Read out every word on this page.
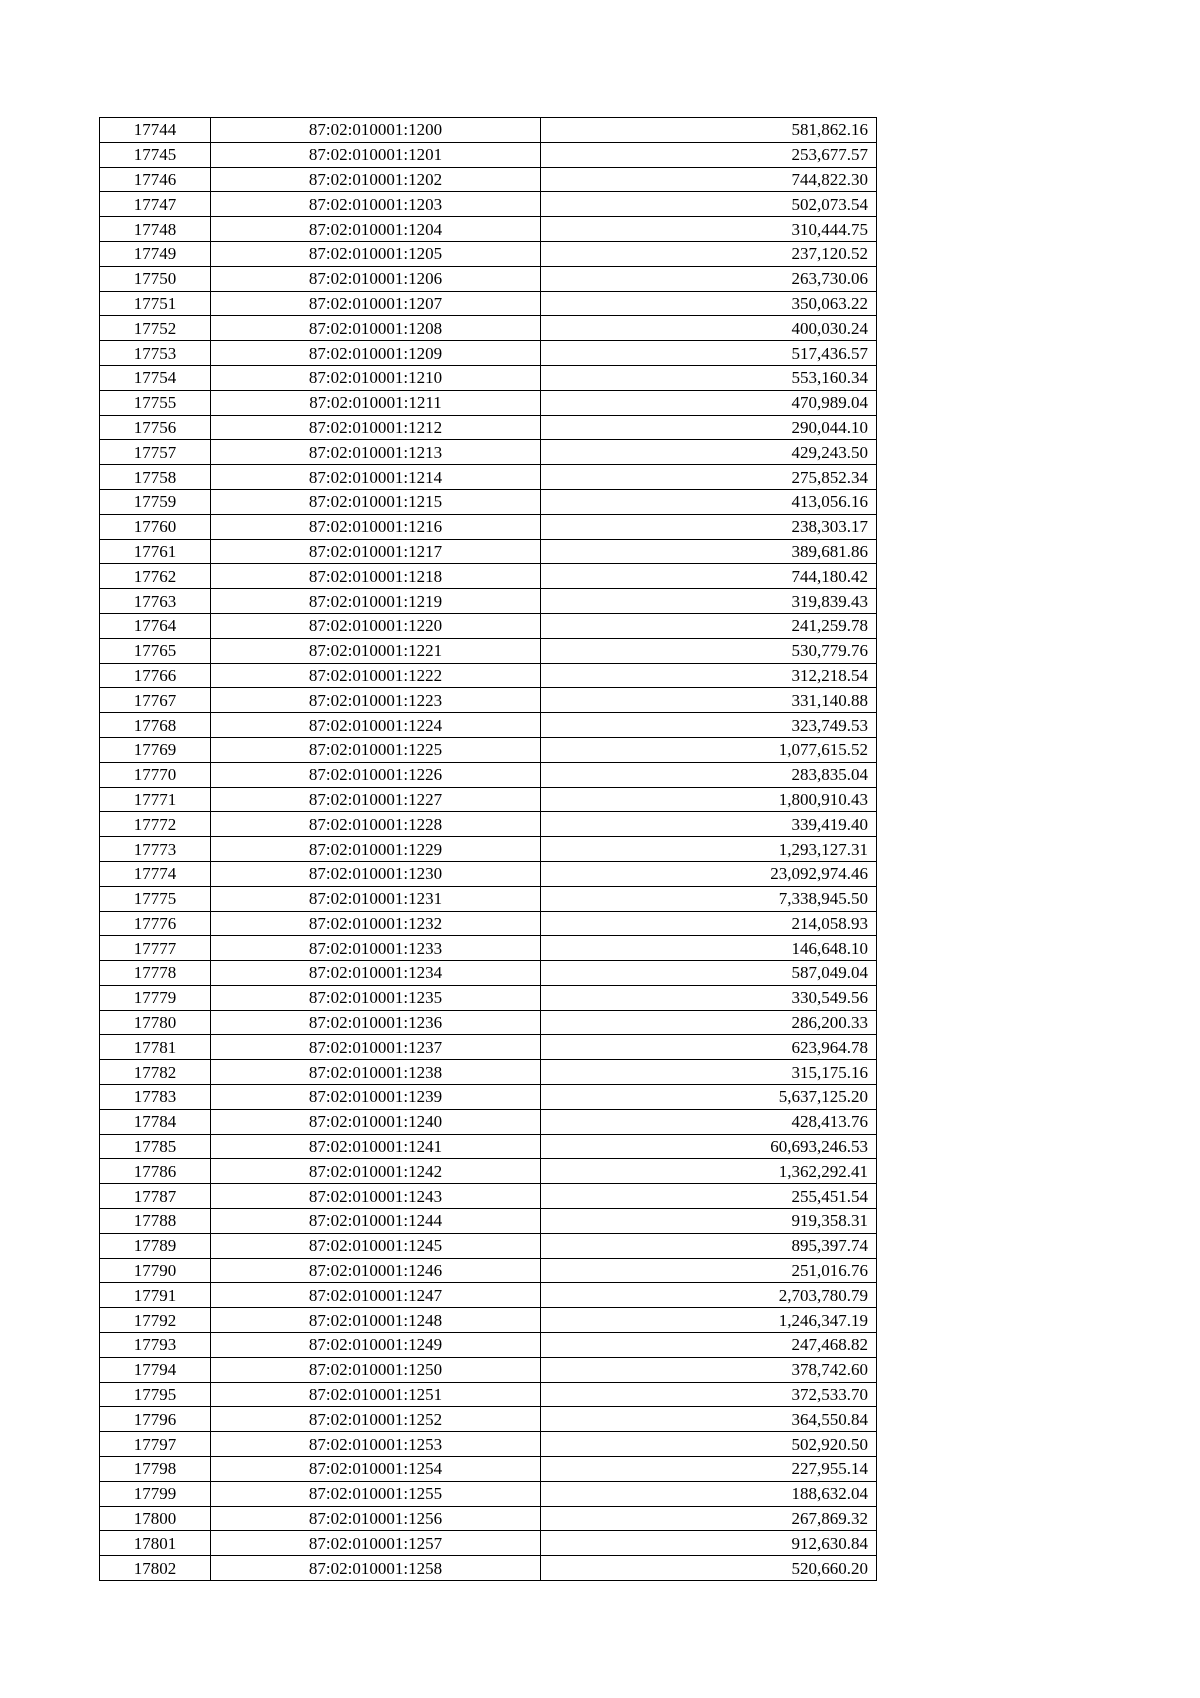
17744	87:02:010001:1200	581,862.16
17745	87:02:010001:1201	253,677.57
17746	87:02:010001:1202	744,822.30
17747	87:02:010001:1203	502,073.54
17748	87:02:010001:1204	310,444.75
17749	87:02:010001:1205	237,120.52
17750	87:02:010001:1206	263,730.06
17751	87:02:010001:1207	350,063.22
17752	87:02:010001:1208	400,030.24
17753	87:02:010001:1209	517,436.57
17754	87:02:010001:1210	553,160.34
17755	87:02:010001:1211	470,989.04
17756	87:02:010001:1212	290,044.10
17757	87:02:010001:1213	429,243.50
17758	87:02:010001:1214	275,852.34
17759	87:02:010001:1215	413,056.16
17760	87:02:010001:1216	238,303.17
17761	87:02:010001:1217	389,681.86
17762	87:02:010001:1218	744,180.42
17763	87:02:010001:1219	319,839.43
17764	87:02:010001:1220	241,259.78
17765	87:02:010001:1221	530,779.76
17766	87:02:010001:1222	312,218.54
17767	87:02:010001:1223	331,140.88
17768	87:02:010001:1224	323,749.53
17769	87:02:010001:1225	1,077,615.52
17770	87:02:010001:1226	283,835.04
17771	87:02:010001:1227	1,800,910.43
17772	87:02:010001:1228	339,419.40
17773	87:02:010001:1229	1,293,127.31
17774	87:02:010001:1230	23,092,974.46
17775	87:02:010001:1231	7,338,945.50
17776	87:02:010001:1232	214,058.93
17777	87:02:010001:1233	146,648.10
17778	87:02:010001:1234	587,049.04
17779	87:02:010001:1235	330,549.56
17780	87:02:010001:1236	286,200.33
17781	87:02:010001:1237	623,964.78
17782	87:02:010001:1238	315,175.16
17783	87:02:010001:1239	5,637,125.20
17784	87:02:010001:1240	428,413.76
17785	87:02:010001:1241	60,693,246.53
17786	87:02:010001:1242	1,362,292.41
17787	87:02:010001:1243	255,451.54
17788	87:02:010001:1244	919,358.31
17789	87:02:010001:1245	895,397.74
17790	87:02:010001:1246	251,016.76
17791	87:02:010001:1247	2,703,780.79
17792	87:02:010001:1248	1,246,347.19
17793	87:02:010001:1249	247,468.82
17794	87:02:010001:1250	378,742.60
17795	87:02:010001:1251	372,533.70
17796	87:02:010001:1252	364,550.84
17797	87:02:010001:1253	502,920.50
17798	87:02:010001:1254	227,955.14
17799	87:02:010001:1255	188,632.04
17800	87:02:010001:1256	267,869.32
17801	87:02:010001:1257	912,630.84
17802	87:02:010001:1258	520,660.20
